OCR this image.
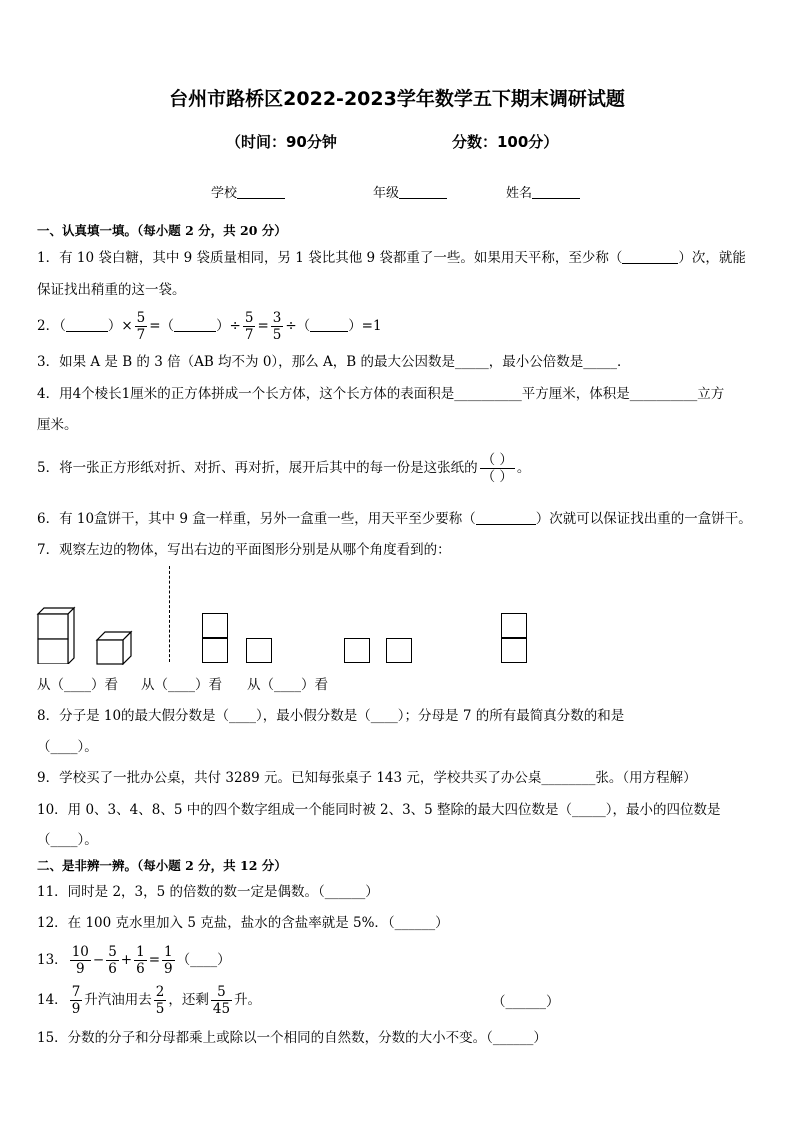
台州市路桥区2022-2023学年数学五下期末调研试题
（时间：90分钟	分数：100分）
学校	年级	姓名
一、认真填一填。（每小题 2 分，共 20 分）
1．有 10 袋白糖，其中 9 袋质量相同，另 1 袋比其他 9 袋都重了一些。如果用天平称，至少称（	）次，就能
保证找出稍重的这一袋。
2．（	）× $\frac{5}{7}$ =（	）÷ $\frac{5}{7} = \frac{3}{5}$ ÷（	）=1
3．如果 A 是 B 的 3 倍（AB 均不为 0），那么 A，B 的最大公因数是_____，最小公倍数是_____．
4．用4个棱长1厘米的正方体拼成一个长方体，这个长方体的表面积是__________平方厘米，体积是__________立方
厘米。
5．将一张正方形纸对折、对折、再对折，展开后其中的每一份是这张纸的 $\frac{( )}{( )}$ 。
6．有 10盒饼干，其中 9 盒一样重，另外一盒重一些，用天平至少要称（	）次就可以保证找出重的一盒饼干。
7．观察左边的物体，写出右边的平面图形分别是从哪个角度看到的：
从（____）看 从（____）看 从（____）看
8．分子是 10的最大假分数是（____），最小假分数是（____）；分母是 7 的所有最简真分数的和是
（____）。
9．学校买了一批办公桌，共付 3289 元。已知每张桌子 143 元，学校共买了办公桌________张。（用方程解）
10．用 0、3、4、8、5 中的四个数字组成一个能同时被 2、3、5 整除的最大四位数是（_____），最小的四位数是
（____）。
二、是非辨一辨。（每小题 2 分，共 12 分）
11．同时是 2，3，5 的倍数的数一定是偶数。（______）
12．在 100 克水里加入 5 克盐，盐水的含盐率就是 5%．（______）
13． $\frac{10}{9} - \frac{5}{6} + \frac{1}{6} = \frac{1}{9}$ （____）
14． $\frac{7}{9}$ 升汽油用去 $\frac{2}{5}$ ，还剩 $\frac{5}{45}$ 升。	（______）
15．分数的分子和分母都乘上或除以一个相同的自然数，分数的大小不变。（______）
